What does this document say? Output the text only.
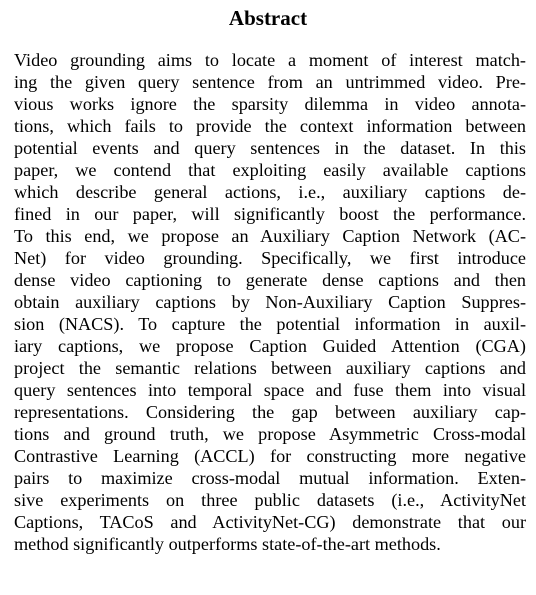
Abstract
Video grounding aims to locate a moment of interest match-
ing the given query sentence from an untrimmed video. Pre-
vious works ignore the sparsity dilemma in video annota-
tions, which fails to provide the context information between
potential events and query sentences in the dataset. In this
paper, we contend that exploiting easily available captions
which describe general actions, i.e., auxiliary captions de-
fined in our paper, will significantly boost the performance.
To this end, we propose an Auxiliary Caption Network (AC-
Net) for video grounding. Specifically, we first introduce
dense video captioning to generate dense captions and then
obtain auxiliary captions by Non-Auxiliary Caption Suppres-
sion (NACS). To capture the potential information in auxil-
iary captions, we propose Caption Guided Attention (CGA)
project the semantic relations between auxiliary captions and
query sentences into temporal space and fuse them into visual
representations. Considering the gap between auxiliary cap-
tions and ground truth, we propose Asymmetric Cross-modal
Contrastive Learning (ACCL) for constructing more negative
pairs to maximize cross-modal mutual information. Exten-
sive experiments on three public datasets (i.e., ActivityNet
Captions, TACoS and ActivityNet-CG) demonstrate that our
method significantly outperforms state-of-the-art methods.
